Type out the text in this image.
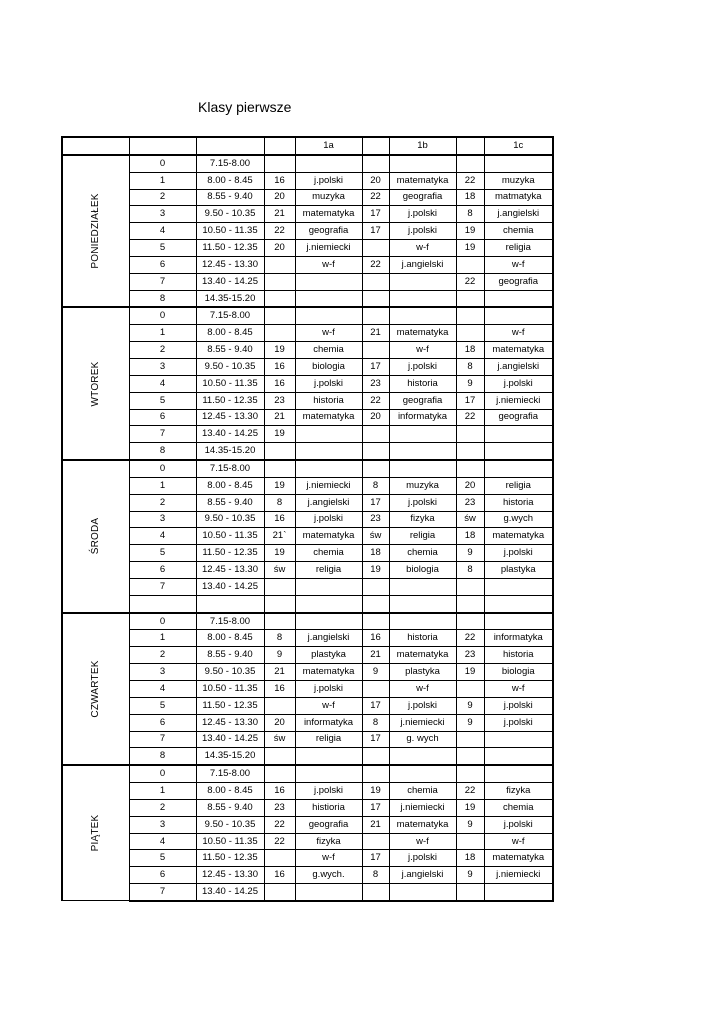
Klasy pierwsze
				1a		1b		1c

PONIEDZIAŁEK	0	7.15-8.00						
	1	8.00 - 8.45	16	j.polski	20	matematyka	22	muzyka
	2	8.55 - 9.40	20	muzyka	22	geografia	18	matmatyka
	3	9.50 - 10.35	21	matematyka	17	j.polski	8	j.angielski
	4	10.50 - 11.35	22	geografia	17	j.polski	19	chemia
	5	11.50 - 12.35	20	j.niemiecki		w-f	19	religia
	6	12.45 - 13.30		w-f	22	j.angielski		w-f
	7	13.40 - 14.25					22	geografia
	8	14.35-15.20						

WTOREK	0	7.15-8.00						
	1	8.00 - 8.45		w-f	21	matematyka		w-f
	2	8.55 - 9.40	19	chemia		w-f	18	matematyka
	3	9.50 - 10.35	16	biologia	17	j.polski	8	j.angielski
	4	10.50 - 11.35	16	j.polski	23	historia	9	j.polski
	5	11.50 - 12.35	23	historia	22	geografia	17	j.niemiecki
	6	12.45 - 13.30	21	matematyka	20	informatyka	22	geografia
	7	13.40 - 14.25	19					
	8	14.35-15.20						

ŚRODA	0	7.15-8.00						
	1	8.00 - 8.45	19	j.niemiecki	8	muzyka	20	religia
	2	8.55 - 9.40	8	j.angielski	17	j.polski	23	historia
	3	9.50 - 10.35	16	j.polski	23	fizyka	św	g.wych
	4	10.50 - 11.35	21`	matematyka	św	religia	18	matematyka
	5	11.50 - 12.35	19	chemia	18	chemia	9	j.polski
	6	12.45 - 13.30	św	religia	19	biologia	8	plastyka
	7	13.40 - 14.25						

CZWARTEK	0	7.15-8.00						
	1	8.00 - 8.45	8	j.angielski	16	historia	22	informatyka
	2	8.55 - 9.40	9	plastyka	21	matematyka	23	historia
	3	9.50 - 10.35	21	matematyka	9	plastyka	19	biologia
	4	10.50 - 11.35	16	j.polski		w-f		w-f
	5	11.50 - 12.35		w-f	17	j.polski	9	j.polski
	6	12.45 - 13.30	20	informatyka	8	j.niemiecki	9	j.polski
	7	13.40 - 14.25	św	religia	17	g. wych		
	8	14.35-15.20						

PIĄTEK	0	7.15-8.00						
	1	8.00 - 8.45	16	j.polski	19	chemia	22	fizyka
	2	8.55 - 9.40	23	histioria	17	j.niemiecki	19	chemia
	3	9.50 - 10.35	22	geografia	21	matematyka	9	j.polski
	4	10.50 - 11.35	22	fizyka		w-f		w-f
	5	11.50 - 12.35		w-f	17	j.polski	18	matematyka
	6	12.45 - 13.30	16	g.wych.	8	j.angielski	9	j.niemiecki
	7	13.40 - 14.25						
